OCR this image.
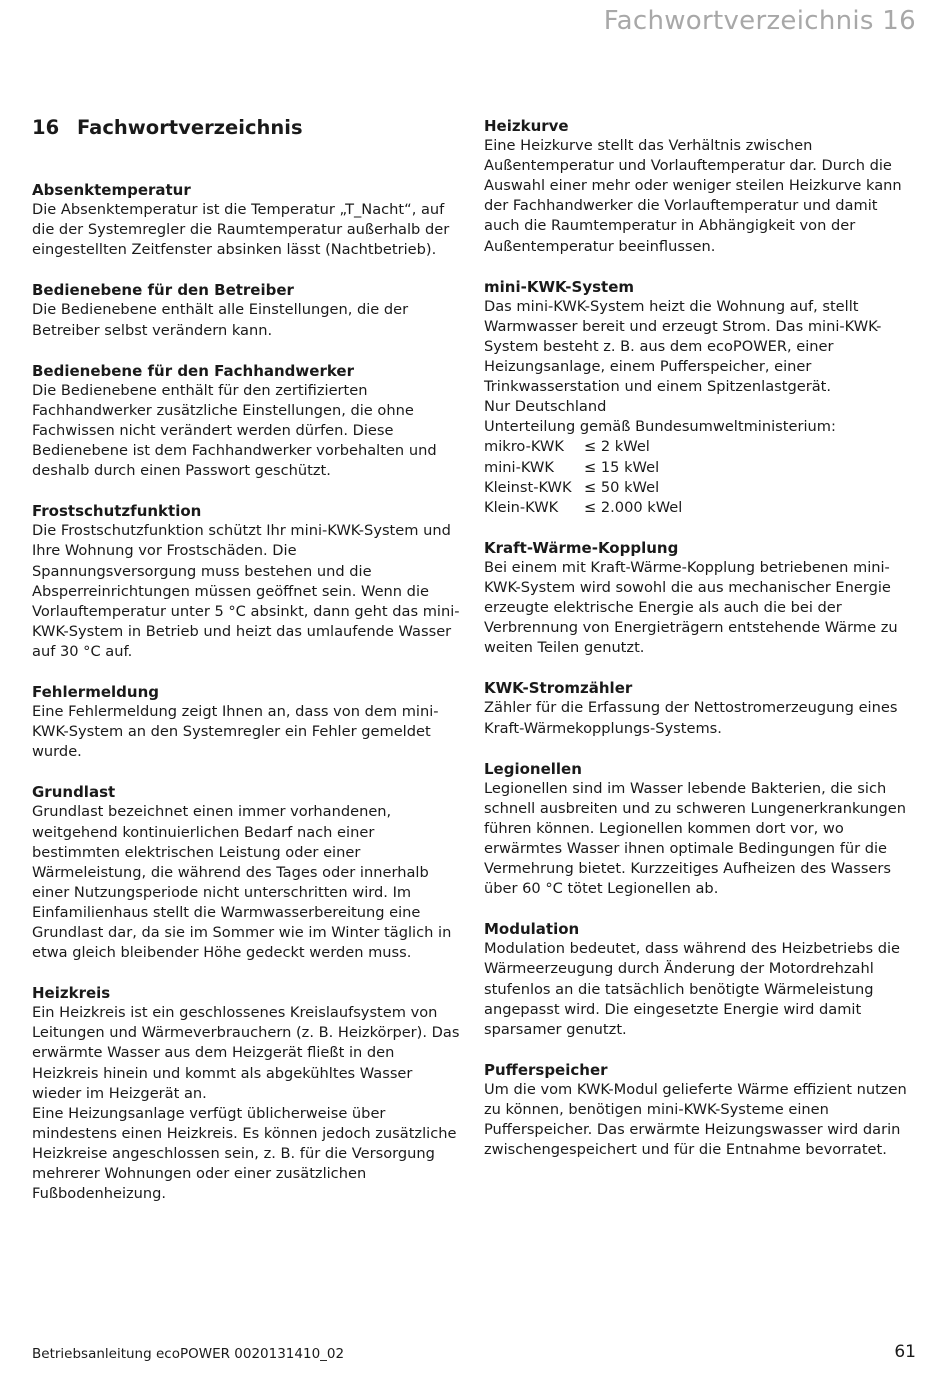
Fachwortverzeichnis 16
16 Fachwortverzeichnis
Absenktemperatur
Die Absenktemperatur ist die Temperatur „T_Nacht“, auf die der Systemregler die Raumtemperatur außerhalb der eingestellten Zeitfenster absinken lässt (Nachtbetrieb).
Bedienebene für den Betreiber
Die Bedienebene enthält alle Einstellungen, die der Betreiber selbst verändern kann.
Bedienebene für den Fachhandwerker
Die Bedienebene enthält für den zertifizierten Fachhandwerker zusätzliche Einstellungen, die ohne Fachwissen nicht verändert werden dürfen. Diese Bedienebene ist dem Fachhandwerker vorbehalten und deshalb durch einen Passwort geschützt.
Frostschutzfunktion
Die Frostschutzfunktion schützt Ihr mini-KWK-System und Ihre Wohnung vor Frostschäden. Die Spannungsversorgung muss bestehen und die Absperreinrichtungen müssen geöffnet sein. Wenn die Vorlauftemperatur unter 5 °C absinkt, dann geht das mini-KWK-System in Betrieb und heizt das umlaufende Wasser auf 30 °C auf.
Fehlermeldung
Eine Fehlermeldung zeigt Ihnen an, dass von dem mini-KWK-System an den Systemregler ein Fehler gemeldet wurde.
Grundlast
Grundlast bezeichnet einen immer vorhandenen, weitgehend kontinuierlichen Bedarf nach einer bestimmten elektrischen Leistung oder einer Wärmeleistung, die während des Tages oder innerhalb einer Nutzungsperiode nicht unterschritten wird. Im Einfamilienhaus stellt die Warmwasserbereitung eine Grundlast dar, da sie im Sommer wie im Winter täglich in etwa gleich bleibender Höhe gedeckt werden muss.
Heizkreis
Ein Heizkreis ist ein geschlossenes Kreislaufsystem von Leitungen und Wärmeverbrauchern (z. B. Heizkörper). Das erwärmte Wasser aus dem Heizgerät fließt in den Heizkreis hinein und kommt als abgekühltes Wasser wieder im Heizgerät an.
Eine Heizungsanlage verfügt üblicherweise über mindestens einen Heizkreis. Es können jedoch zusätzliche Heizkreise angeschlossen sein, z. B. für die Versorgung mehrerer Wohnungen oder einer zusätzlichen Fußbodenheizung.
Heizkurve
Eine Heizkurve stellt das Verhältnis zwischen Außentemperatur und Vorlauftemperatur dar. Durch die Auswahl einer mehr oder weniger steilen Heizkurve kann der Fachhandwerker die Vorlauftemperatur und damit auch die Raumtemperatur in Abhängigkeit von der Außentemperatur beeinflussen.
mini-KWK-System
Das mini-KWK-System heizt die Wohnung auf, stellt Warmwasser bereit und erzeugt Strom. Das mini-KWK-System besteht z. B. aus dem ecoPOWER, einer Heizungsanlage, einem Pufferspeicher, einer Trinkwasserstation und einem Spitzenlastgerät.
Nur Deutschland
Unterteilung gemäß Bundesumweltministerium:
mikro-KWK	≤ 2 kWel
mini-KWK	≤ 15 kWel
Kleinst-KWK ≤ 50 kWel
Klein-KWK	≤ 2.000 kWel
Kraft-Wärme-Kopplung
Bei einem mit Kraft-Wärme-Kopplung betriebenen mini-KWK-System wird sowohl die aus mechanischer Energie erzeugte elektrische Energie als auch die bei der Verbrennung von Energieträgern entstehende Wärme zu weiten Teilen genutzt.
KWK-Stromzähler
Zähler für die Erfassung der Nettostromerzeugung eines Kraft-Wärmekopplungs-Systems.
Legionellen
Legionellen sind im Wasser lebende Bakterien, die sich schnell ausbreiten und zu schweren Lungenerkrankungen führen können. Legionellen kommen dort vor, wo erwärmtes Wasser ihnen optimale Bedingungen für die Vermehrung bietet. Kurzzeitiges Aufheizen des Wassers über 60 °C tötet Legionellen ab.
Modulation
Modulation bedeutet, dass während des Heizbetriebs die Wärmeerzeugung durch Änderung der Motordrehzahl stufenlos an die tatsächlich benötigte Wärmeleistung angepasst wird. Die eingesetzte Energie wird damit sparsamer genutzt.
Pufferspeicher
Um die vom KWK-Modul gelieferte Wärme effizient nutzen zu können, benötigen mini-KWK-Systeme einen Pufferspeicher. Das erwärmte Heizungswasser wird darin zwischengespeichert und für die Entnahme bevorratet.
Betriebsanleitung ecoPOWER 0020131410_02	61
